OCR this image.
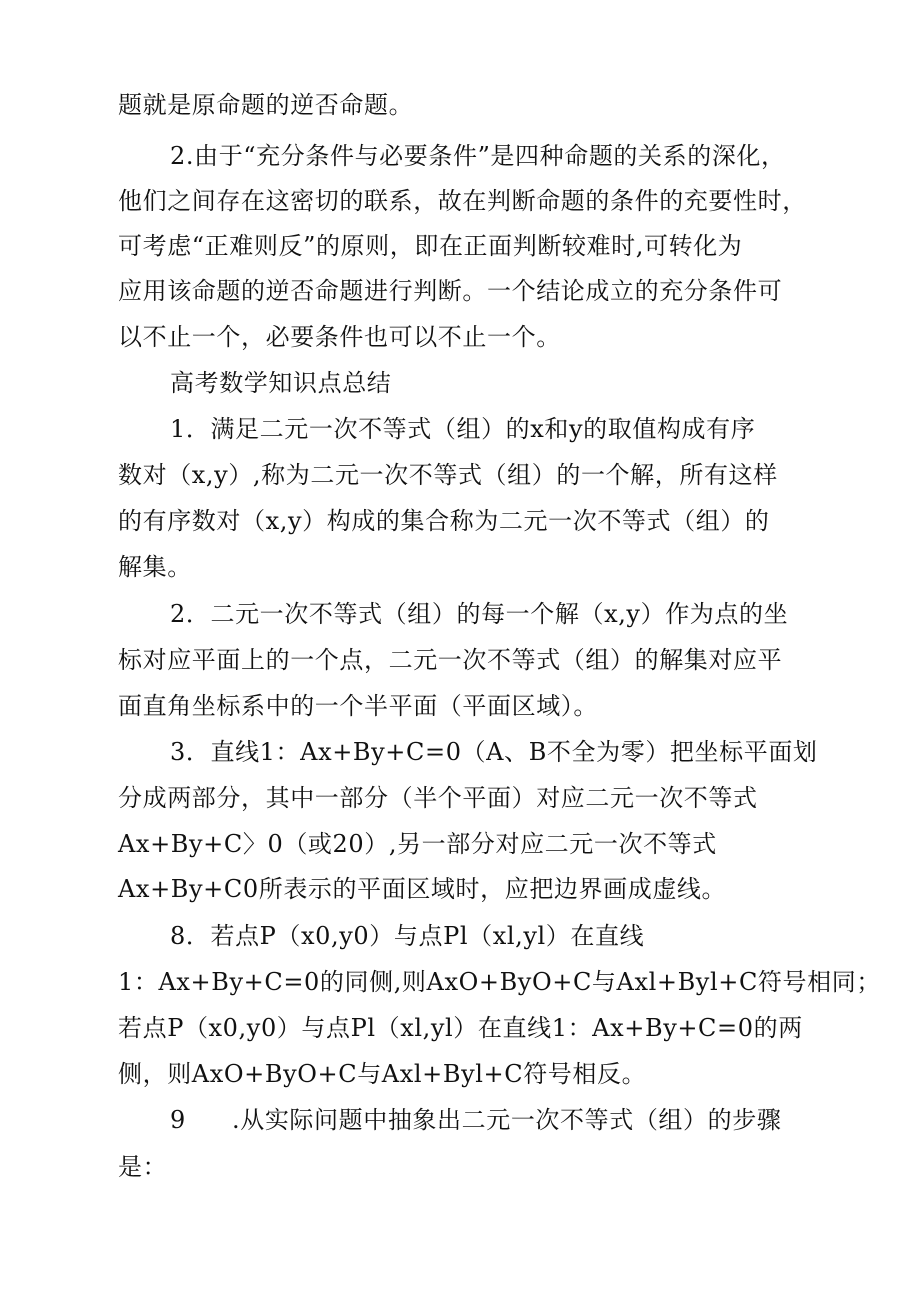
题就是原命题的逆否命题。
2.由于“充分条件与必要条件”是四种命题的关系的深化，
他们之间存在这密切的联系，故在判断命题的条件的充要性时，
可考虑“正难则反”的原则，即在正面判断较难时,可转化为
应用该命题的逆否命题进行判断。一个结论成立的充分条件可
以不止一个，必要条件也可以不止一个。
高考数学知识点总结
1．满足二元一次不等式（组）的x和y的取值构成有序
数对（x,y）,称为二元一次不等式（组）的一个解，所有这样
的有序数对（x,y）构成的集合称为二元一次不等式（组）的
解集。
2．二元一次不等式（组）的每一个解（x,y）作为点的坐
标对应平面上的一个点，二元一次不等式（组）的解集对应平
面直角坐标系中的一个半平面（平面区域）。
3．直线1：Ax+By+C=0（A、B不全为零）把坐标平面划
分成两部分，其中一部分（半个平面）对应二元一次不等式
Ax+By+C〉0（或20）,另一部分对应二元一次不等式
Ax+By+C0所表示的平面区域时，应把边界画成虚线。
8．若点P（x0,y0）与点Pl（xl,yl）在直线
1：Ax+By+C=0的同侧,则AxO+ByO+C与Axl+Byl+C符号相同；
若点P（x0,y0）与点Pl（xl,yl）在直线1：Ax+By+C=0的两
侧，则AxO+ByO+C与Axl+Byl+C符号相反。
9 .从实际问题中抽象出二元一次不等式（组）的步骤
是：
